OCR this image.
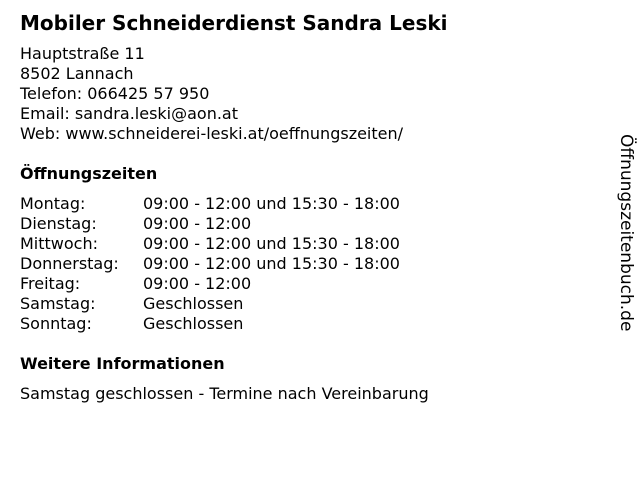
Mobiler Schneiderdienst Sandra Leski
Hauptstraße 11
8502 Lannach
Telefon: 066425 57 950
Email: sandra.leski@aon.at
Web: www.schneiderei-leski.at/oeffnungszeiten/
Öffnungszeiten
Montag:	09:00 - 12:00 und 15:30 - 18:00
Dienstag:	09:00 - 12:00
Mittwoch:	09:00 - 12:00 und 15:30 - 18:00
Donnerstag:	09:00 - 12:00 und 15:30 - 18:00
Freitag:	09:00 - 12:00
Samstag:	Geschlossen
Sonntag:	Geschlossen
Weitere Informationen
Samstag geschlossen - Termine nach Vereinbarung
Öffnungszeitenbuch.de
